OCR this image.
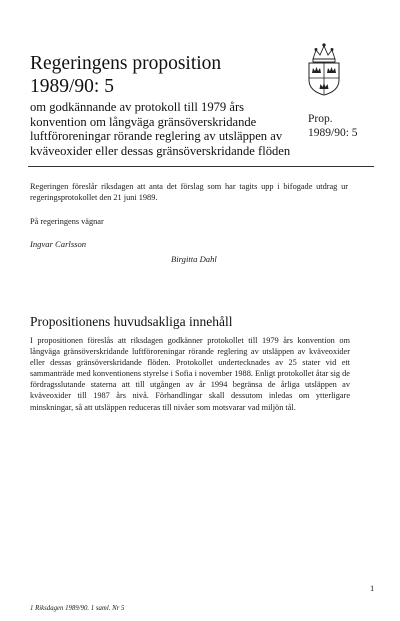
Regeringens proposition
1989/90: 5
om godkännande av protokoll till 1979 års konvention om långväga gränsöverskridande luftföroreningar rörande reglering av utsläppen av kväveoxider eller dessas gränsöverskridande flöden
Prop.
1989/90: 5
Regeringen föreslår riksdagen att anta det förslag som har tagits upp i bifogade utdrag ur regeringsprotokollet den 21 juni 1989.
På regeringens vägnar
Ingvar Carlsson
Birgitta Dahl
Propositionens huvudsakliga innehåll
I propositionen föreslås att riksdagen godkänner protokollet till 1979 års konvention om långväga gränsöverskridande luftföroreningar rörande reglering av utsläppen av kväveoxider eller dessas gränsöverskridande flöden. Protokollet undertecknades av 25 stater vid ett sammanträde med konventionens styrelse i Sofia i november 1988. Enligt protokollet åtar sig de fördragsslutande staterna att till utgången av år 1994 begränsa de årliga utsläppen av kväveoxider till 1987 års nivå. Förhandlingar skall dessutom inledas om ytterligare minskningar, så att utsläppen reduceras till nivåer som motsvarar vad miljön tål.
1
1 Riksdagen 1989/90. 1 saml. Nr 5
